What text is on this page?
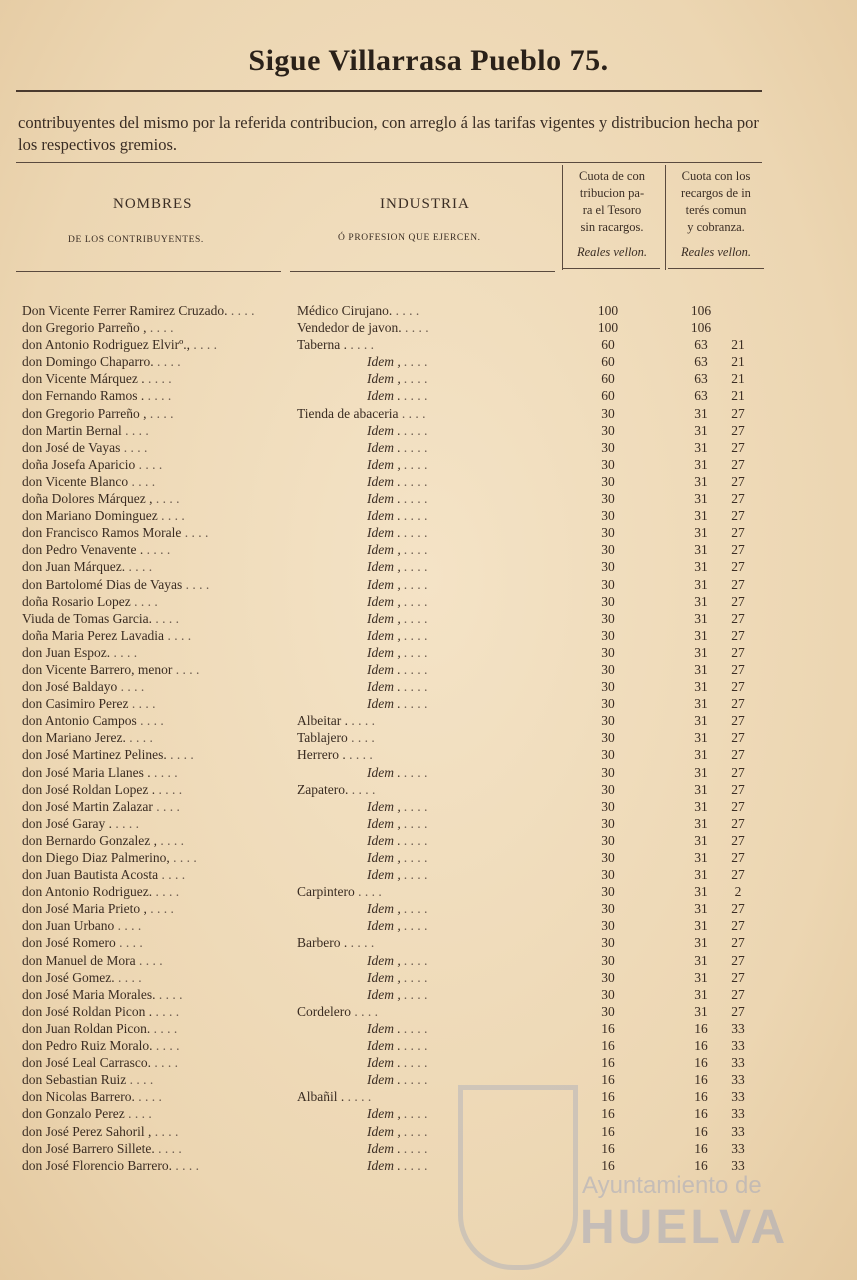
Sigue Villarrasa Pueblo 75.
contribuyentes del mismo por la referida contribucion, con arreglo á las tarifas vigentes y distribucion hecha por los respectivos gremios.
NOMBRES
DE LOS CONTRIBUYENTES.
INDUSTRIA
Ó PROFESION QUE EJERCEN.
Cuota de con
tribucion pa-
ra el Tesoro
sin racargos.
Reales vellon.
Cuota con los
recargos de in
terés comun
y cobranza.
Reales vellon.
Don Vicente Ferrer Ramirez Cruzado. .	Médico Cirujano. .	100	106
don Gregorio Parreño , .	Vendedor de javon. .	100	106
don Antonio Rodriguez Elvirº., .	Taberna . .	60	63	21
don Domingo Chaparro. .	Idem , .	60	63	21
don Vicente Márquez . .	Idem , .	60	63	21
don Fernando Ramos . .	Idem . .	60	63	21
don Gregorio Parreño , .	Tienda de abaceria .	30	31	27
don Martin Bernal .	Idem . .	30	31	27
don José de Vayas .	Idem . .	30	31	27
doña Josefa Aparicio .	Idem , .	30	31	27
don Vicente Blanco .	Idem . .	30	31	27
doña Dolores Márquez , .	Idem . .	30	31	27
don Mariano Dominguez .	Idem . .	30	31	27
don Francisco Ramos Morale .	Idem . .	30	31	27
don Pedro Venavente . .	Idem , .	30	31	27
don Juan Márquez. .	Idem , .	30	31	27
don Bartolomé Dias de Vayas .	Idem , .	30	31	27
doña Rosario Lopez .	Idem , .	30	31	27
Viuda de Tomas Garcia. .	Idem , .	30	31	27
doña Maria Perez Lavadia .	Idem , .	30	31	27
don Juan Espoz. .	Idem , .	30	31	27
don Vicente Barrero, menor .	Idem . .	30	31	27
don José Baldayo .	Idem . .	30	31	27
don Casimiro Perez .	Idem . .	30	31	27
don Antonio Campos .	Albeitar . .	30	31	27
don Mariano Jerez. .	Tablajero .	30	31	27
don José Martinez Pelines. .	Herrero . .	30	31	27
don José Maria Llanes . .	Idem . .	30	31	27
don José Roldan Lopez . .	Zapatero. .	30	31	27
don José Martin Zalazar .	Idem , .	30	31	27
don José Garay . .	Idem , .	30	31	27
don Bernardo Gonzalez , .	Idem . .	30	31	27
don Diego Diaz Palmerino, .	Idem , .	30	31	27
don Juan Bautista Acosta .	Idem , .	30	31	27
don Antonio Rodriguez. .	Carpintero .	30	31	2
don José Maria Prieto , .	Idem , .	30	31	27
don Juan Urbano .	Idem , .	30	31	27
don José Romero .	Barbero . .	30	31	27
don Manuel de Mora .	Idem , .	30	31	27
don José Gomez. .	Idem , .	30	31	27
don José Maria Morales. .	Idem , .	30	31	27
don José Roldan Picon . .	Cordelero .	30	31	27
don Juan Roldan Picon. .	Idem . .	16	16	33
don Pedro Ruiz Moralo. .	Idem . .	16	16	33
don José Leal Carrasco. .	Idem . .	16	16	33
don Sebastian Ruiz .	Idem . .	16	16	33
don Nicolas Barrero. .	Albañil . .	16	16	33
don Gonzalo Perez .	Idem , .	16	16	33
don José Perez Sahoril , .	Idem , .	16	16	33
don José Barrero Sillete. .	Idem . .	16	16	33
don José Florencio Barrero. .	Idem . .	16	16	33
Ayuntamiento de
HUELVA
